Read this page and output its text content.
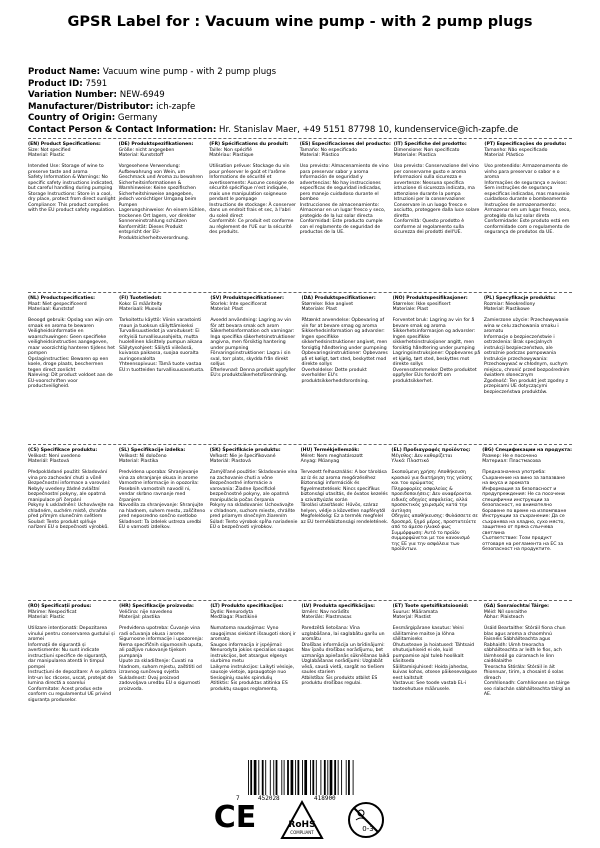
GPSR Label for : Vacuum wine pump - with 2 pump plugs
Product Name: Vacuum wine pump - with 2 pump plugs
Product ID: 7591
Variation Number: NEW-6949
Manufacturer/Distributor: ich-zapfe
Country of Origin: Germany
Contact Person & Contact Information: Hr. Stanislav Maer, +49 5151 87798 10, kundenservice@ich-zapfe.de
(EN) Product Specifications:
Size: Not specified
Material: Plastic

Intended Use: Storage of wine to preserve taste and aroma
Safety Information & Warnings: No specific safety instructions indicated, but careful handling during pumping
Storage Instructions: Store in a cool, dry place, protect from direct sunlight
Compliance: This product complies with the EU product safety regulation.
(DE) Produktspezifikationen:
Größe: nicht angegeben
Material: Kunststoff

Vorgesehene Verwendung: Aufbewahrung von Wein, um Geschmack und Aroma zu bewahren
Sicherheitsinformationen & Warnhinweise: Keine spezifischen Sicherheitshinweise angegeben, jedoch vorsichtiger Umgang beim Pumpen
Lagerungshinweise: An einem kühlen, trockenen Ort lagern, vor direkter Sonneneinstrahlung schützen
Konformität: Dieses Produkt entspricht der EU-Produktsicherheitsverordnung.
(FR) Spécifications du produit:
Taille: Non spécifié
Matériau: Plastique

Utilisation prévue: Stockage du vin pour préserver le goût et l'arôme
Informations de sécurité et avertissements: Aucune consigne de sécurité spécifique n'est indiquée, mais une manipulation soigneuse pendant le pompage
Instructions de stockage: À conserver dans un endroit frais et sec, à l'abri du soleil direct
Conformité: Ce produit est conforme au règlement de l'UE sur la sécurité des produits.
(ES) Especificaciones del producto:
Tamaño: No especificado
Material: Plástico

Uso previsto: Almacenamiento de vino para preservar sabor y aroma
Información de seguridad y advertencias: No hay instrucciones específicas de seguridad indicadas, pero manejo cuidadoso durante el bombeo
Instrucciones de almacenamiento: Almacenar en un lugar fresco y seco, protegido de la luz solar directa
Conformidad: Este producto cumple con el reglamento de seguridad de productos de la UE.
(IT) Specifiche del prodotto:
Dimensione: Non specificato
Materiale: Plastica

Uso previsto: Conservazione del vino per conservarne gusto e aroma
Informazioni sulla sicurezza e avvertenze: Nessuna specifica istruzione di sicurezza indicata, ma attenzione durante la pompa
Istruzioni per la conservazione: Conservare in un luogo fresco e asciutto, proteggere dalla luce solare diretta
Conformità: Questo prodotto è conforme al regolamento sulla sicurezza dei prodotti dell'UE.
(PT) Especificações do produto:
Tamanho: Não especificado
Material: Plástico

Uso pretendido: Armazenamento de vinho para preservar o sabor e o aroma
Informações de segurança e avisos: Sem instruções de segurança específicas indicadas, mas manuseio cuidadoso durante o bombeamento
Instruções de armazenamento: Armazenar em um lugar fresco, seco, protegido da luz solar direta
Conformidade: Este produto está em conformidade com o regulamento de segurança de produtos da UE.
(NL) Productspecificaties:
Maat: Niet gespecificeerd
Materiaal: Kunststof

Beoogd gebruik: Opslag van wijn om smaak en aroma te bewaren
Veiligheidsinformatie en waarschuwingen: Geen specifieke veiligheidsinstructies aangegeven, maar voorzichtig hanteren tijdens het pompen
Opslaginstructies: Bewaren op een koele, droge plaats, beschermen tegen direct zonlicht
Naleving: Dit product voldoet aan de EU-voorschriften voor productveiligheid.
(FI) Tuotetiedot:
Koko: Ei määritelty
Materiaali: Muovia

Tarkoitettu käyttö: Viinin varastointi maun ja tuoksun säilyttämiseksi
Turvallisuustiedot ja varoitukset: Ei erityisiä turvallisuusohjeita, mutta huolellinen käsittely pumpun aikana
Säilytysohjeet: Säilytä viileässä, kuivassa paikassa, suojaa suoralta auringonvalolta
Yhteensopivuus: Tämä tuote vastaa EU:n tuotteiden turvallisuusasetusta.
(SV) Produktspecifikationer:
Storlek: Inte specificerat
Material: Plast

Avsedd användning: Lagring av vin för att bevara smak och arom
Säkerhetsinformation och varningar: Inga specifika säkerhetsinstruktioner angivna, men försiktig hantering under pumpning
Förvaringsinstruktioner: Lagra i sin sval, torr plats, skydda från direkt solljus
Efterlevnad: Denna produkt uppfyller EU:s produktsäkerhetsförordning.
(DA) Produktspecifikationer:
Størrelse: Ikke angivet
Materiale: Plast

Påtænkt anvendelse: Opbevaring af vin for at bevare smag og aroma
Sikkerhedsinformation og advarsler: Ingen specifikke sikkerhedsinstruktioner angivet, men forsigtig håndtering under pumpning
Opbevaringsinstruktioner: Opbevares på et køligt, tørt sted, beskyttet mod direkte sollys
Overholdelse: Dette produkt overholder EU's produktsikkerhedsforordning.
(NO) Produktspesifikasjoner:
Størrelse: Ikke spesifisert
Materiale: Plast

Forventet bruk: Lagring av vin for å bevare smak og aroma
Sikkerhetsinformasjon og advarsler: Ingen spesifikke sikkerhetsinstruksjoner angitt, men forsiktig håndtering under pumping
Lagringsinstruksjoner: Oppbevares på et kjølig, tørt sted, beskyttes mot direkte sollys
Overensstemmelse: Dette produktet oppfyller EUs forskrift om produktsikkerhet.
(PL) Specyfikacje produktu:
Rozmiar: Nieokreślony
Materiał: Plastikowe

Zamierzone użycie: Przechowywanie wina w celu zachowania smaku i aromatu
Informacje o bezpieczeństwie i ostrzeżenia: Brak specjalnych instrukcji bezpieczeństwa, ale ostrożnie podczas pompowania
Instrukcje przechowywania: Przechowywać w chłodnym, suchym miejscu, chronić przed bezpośrednim światłem słonecznym
Zgodność: Ten produkt jest zgodny z przepisami UE dotyczącymi bezpieczeństwa produktów.
(CS) Specifikace produktu:
Velikost: Není uvedeno
Materiál: Plastová

Předpokládané použití: Skladování vína pro zachování chuti a vůně
Bezpečnostní informace a varování: Nebyly uvedeny žádné zvláštní bezpečnostní pokyny, ale opatrná manipulace při čerpání
Pokyny k uskladnění: Uchovávejte na chladném, suchém místě, chraňte před přímým slunečním světlem
Soulad: Tento produkt splňuje nařízení EU o bezpečnosti výrobků.
(SL) Specifikacije izdelka:
Velikost: Ni določeno
Material: Plastika

Predvidena uporaba: Shranjevanje vina za ohranjanje okusa in arome
Varnostne informacije in opozorila: Posebnih varnostnih navodil ni, vendar skrbno ravnanje med črpanjem
Navodila za shranjevanje: Shranjujte na hladnem, suhem mestu, zaščiteno pred neposredno sončno svetlobo
Skladnost: Ta izdelek ustreza uredbi EU o varnosti izdelkov.
(SK) Špecifikácie produktu:
Veľkosť: Nie je špecifikované
Materiál: Plastová

Zamýšľané použitie: Skladovanie vína na zachovanie chuti a vône
Bezpečnostné informácie a varovania: Žiadne špecifické bezpečnostné pokyny, ale opatrná manipulácia počas čerpania
Pokyny na skladovanie: Uchovávajte v chladnom, suchom mieste, chráňte pred priamym slnečným žiarením
Súlad: Tento výrobok spĺňa nariadenie EÚ o bezpečnosti výrobkov.
(HU) Termékjellemzők:
Méret: Nem meghatározott
Anyag: Műanyag

Tervezett felhasználás: A bor tárolása az íz és az aroma megőrzéséhez
Biztonsági információk és figyelmeztetések: Nincs specifikus biztonsági utasítás, de óvatos kezelés a szivattyúzás során
Tárolási utasítások: Hűvös, száraz helyen, védje a közvetlen napfénytől
Megfelelőség: Ez a termék megfelel az EU termékbiztonsági rendeletének.
(EL) Προδιαγραφές προϊόντος:
Μέγεθος: Δεν καθορίζεται
Υλικό: Πλαστικό

Σκοπούμενη χρήση: Αποθήκευση κρασιού για διατήρηση της γεύσης και του αρώματος
Πληροφορίες ασφαλείας & προειδοποιήσεις: Δεν αναφέρονται ειδικές οδηγίες ασφαλείας, αλλά προσεκτικός χειρισμός κατά την άντληση
Οδηγίες αποθήκευσης: Φυλάσσετε σε δροσερό, ξηρό μέρος, προστατεύετε από το άμεσο ηλιακό φως
Συμμόρφωση: Αυτό το προϊόν συμμορφώνεται με τον κανονισμό της ΕΕ για την ασφάλεια των προϊόντων.
(BG) Спецификации на продукта:
Размер: Не е посочено
Материал: Пластмасова

Предназначена употреба: Съхранение на вино за запазване на вкуса и аромата
Информация за безопасност и предупреждения: Не са посочени специфични инструкции за безопасност, но внимателно боравене по време на изпомпване
Инструкции за съхранение: Да се съхранява на хладно, сухо място, защитено от пряка слънчева светлина
Съответствие: Този продукт отговаря на регламента на ЕС за безопасност на продуктите.
(RO) Specificații produs:
Mărime: Nespecificat
Material: Plastic

Utilizare intenționată: Depozitarea vinului pentru conservarea gustului și aromei
Informații de siguranță și avertismente: Nu sunt indicate instrucțiuni specifice de siguranță, dar manipularea atentă în timpul pompei
Instrucțiuni de depozitare: A se păstra într-un loc răcoros, uscat, protejat de lumina directă a soarelui
Conformitate: Acest produs este conform cu regulamentul UE privind siguranța produselor.
(HR) Specifikacije proizvoda:
Veličina: nije navedeno
Materijal: plastika

Predviđena upotreba: Čuvanje vina radi očuvanja okusa i arome
Sigurnosne informacije i upozorenja: Nema specifičnih sigurnosnih uputa, ali pažljivo rukovanje tijekom pumpanja
Upute za skladištenje: Čuvati na hladnom, suhom mjestu, zaštititi od izravnog sunčevog svjetla
Sukladnost: Ovaj proizvod zadovoljava uredbu EU o sigurnosti proizvoda.
(LT) Produkto specifikacijos:
Dydis: Nenurodyta
Medžiaga: Plastikinė

Numatoma naudojimas: Vyno saugojimas siekiant išsaugoti skonį ir aromatą
Saugos informacija ir įspėjimai: Nenurodyta jokios specialios saugos instrukcijos, bet atsargus elgesys siurbimo metu
Laikymo instrukcijos: Laikyti vėsioje, sausoje vietoje, apsaugotoje nuo tiesioginių saulės spindulių
Atitiktis: Šis produktas atitinka ES produktų saugos reglamentą.
(LV) Produkta specifikācijas:
Izmērs: Nav norādīts
Materiāls: Plastmasas

Paredzētā lietošana: Vīna uzglabāšana, lai saglabātu garšu un aromātu
Drošības informācija un brīdinājumi: Nav īpašu drošības norādījumu, bet uzmanīga apiešanās sūknēšanas laikā
Uzglabāšanas norādījumi: Uzglabāt vēsā, sausā vietā, sargāt no tiešiem saules stariem
Atbilstība: Šis produkts atbilst ES produktu drošības regulai.
(ET) Toote spetsifikatsioonid:
Suurus: Määramata
Materjal: Plastist

Eesmärgipärane kasutus: Veini säilitamine maitse ja lõhna säilitamiseks
Ohutusteave ja hoiatused: Tähtsaid ohutusjuhiseid ei ole, kuid pumpamise ajal tuleb hoolikalt käsitseda
Säilitamisjuhised: Hoida jahedas, kuivas kohas, otsese päikesevalguse eest kaitstult
Vastavus: See toode vastab EL-i tooteohutuse määrusele.
(GA) Sonraíochtaí Táirge:
Méid: Níl sonraithe
Ábhar: Plaisteach

Úsáid Beartaithe: Stóráil fíona chun blas agus aroma a chaomhnú
Faisnéis Sábháilteachta agus Rabhaidh: Uimh treoracha sábháilteachta ar leith le fios, ach láimhseáil go cúramach le linn caidéalaithe
Treoracha Stórála: Stóráil in áit fhionnuar, tirim, a chosaint ó solas díreach
Comhlíonadh: Comhlíonann an táirge seo rialachán sábháilteachta táirgí an AE.
7	452028	418900
CE	RoHS
COMPLIANT	0-3
